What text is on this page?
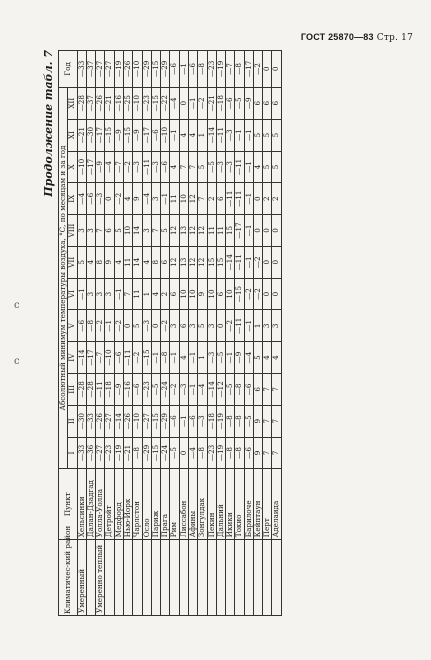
ГОСТ 25870—83 Стр. 17
c
c
Продолжение табл. 7
Климатичес-кий район	Пункт	Абсолютный минимум температуры воздуха, °С, по месяцам и за год												Год
		I	II	III	IV	V	VI	VII	VIII	IX	X	XI	XII	
Умеренный	Хельсинки	—33	—30	—28	—14	—6	—1	5	3	—4	—10	—21	—28	—33
	Далан-Дзадгад	—36	—33	—28	—17	—8	3	4	3	—6	—17	—30	—37	—37
Умеренно теплый	Уолла-Уолла	—27	—26	—11	—7	—2	3	8	7	—3	—9	—17	—26	—27
	Детройт	—23	—27	—18	—10	—1	3	9	6	0	—4	—15	—21	—27
	Медфорд	—19	—14	—9	—6	—2	—1	4	5	—2	—7	—9	—16	—19
	Нью-Йорк	—21	—26	—16	—11	0	7	11	10	4	—2	—15	—25	—26
	Чарлстон	—8	—10	—6	—2	5	11	14	14	9	—3	—9	—10	—10
	Осло	—29	—27	—23	—15	—3	1	4	3	—4	—11	—17	—23	—29
	Париж	—15	—15	—5	—1	0	4	8	7	3	—3	—6	—15	—15
	Прага	—24	—29	—24	—8	—2	2	6	5	—1	—6	—10	—22	—29
	Рим	—5	—6	—2	—1	3	6	12	12	11	4	—1	—4	—6
	Лиссабон	0	—1	—3	4	6	10	13	13	10	7	4	0	—1
	Афины	—4	—6	—1	—1	3	10	12	12	12	7	4	—1	—6
	Зонгулдак	—8	—3	—4	1	5	9	12	12	7	5	1	—2	—8
	Пекин	—23	—18	—14	—3	3	10	15	11	2	—5	—14	—21	—23
	Дальний	—19	—19	—12	—5	0	6	15	11	6	—3	—11	—18	—19
	Икики	—8	—8	—5	—1	—2	10	—14	15	—11	—3	—3	—6	—7
	Токио	—8	—8	—8	—9	—11	—15	—11	—17	—11	—11	—1	—5	—8
	Барилоче	—6	—5	—6	—4	—1	—2	—1	—1	—1	—1	—1	—9	—17
	Кейптаун	9	9	6	5	1	—2	—2	0	0	4	5	6	—2
	Перт	7	7	7	4	3	0	0	0	2	5	5	6	0
	Аделаида	7	7	7	4	3	0	0	0	2	5	5	6	0
